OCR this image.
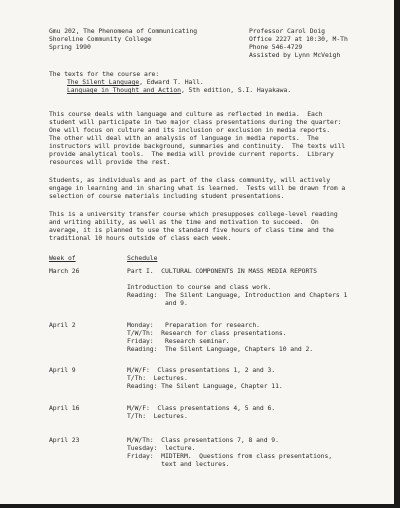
Gmu 202, The Phenomena of Communicating
Shoreline Community College
Spring 1990
Professor Carol Doig
Office 2227 at 10:30, M-Th
Phone 546-4729
Assisted by Lynn McVeigh
The texts for the course are:
The Silent Language, Edward T. Hall.
Language in Thought and Action, 5th edition, S.I. Hayakawa.
This course deals with language and culture as reflected in media.  Each
student will participate in two major class presentations during the quarter:
One will focus on culture and its inclusion or exclusion in media reports.
The other will deal with an analysis of language in media reports.  The
instructors will provide background, summaries and continuity.  The texts will
provide analytical tools.  The media will provide current reports.  Library
resources will provide the rest.
Students, as individuals and as part of the class community, will actively
engage in learning and in sharing what is learned.  Tests will be drawn from a
selection of course materials including student presentations.
This is a university transfer course which presupposes college-level reading
and writing ability, as well as the time and motivation to succeed.  On
average, it is planned to use the standard five hours of class time and the
traditional 10 hours outside of class each week.
Week of	Schedule
March 26	Part I.  CULTURAL COMPONENTS IN MASS MEDIA REPORTS
Introduction to course and class work.
Reading:  The Silent Language, Introduction and Chapters 1
and 9.
April 2	Monday:   Preparation for research.
T/W/Th:  Research for class presentations.
Friday:   Research seminar.
Reading:  The Silent Language, Chapters 10 and 2.
April 9	M/W/F:  Class presentations 1, 2 and 3.
T/Th:  Lectures.
Reading: The Silent Language, Chapter 11.
April 16	M/W/F:  Class presentations 4, 5 and 6.
T/Th:  Lectures.
April 23	M/W/Th:  Class presentations 7, 8 and 9.
Tuesday:  lecture.
Friday:  MIDTERM.  Questions from class presentations,
text and lectures.
